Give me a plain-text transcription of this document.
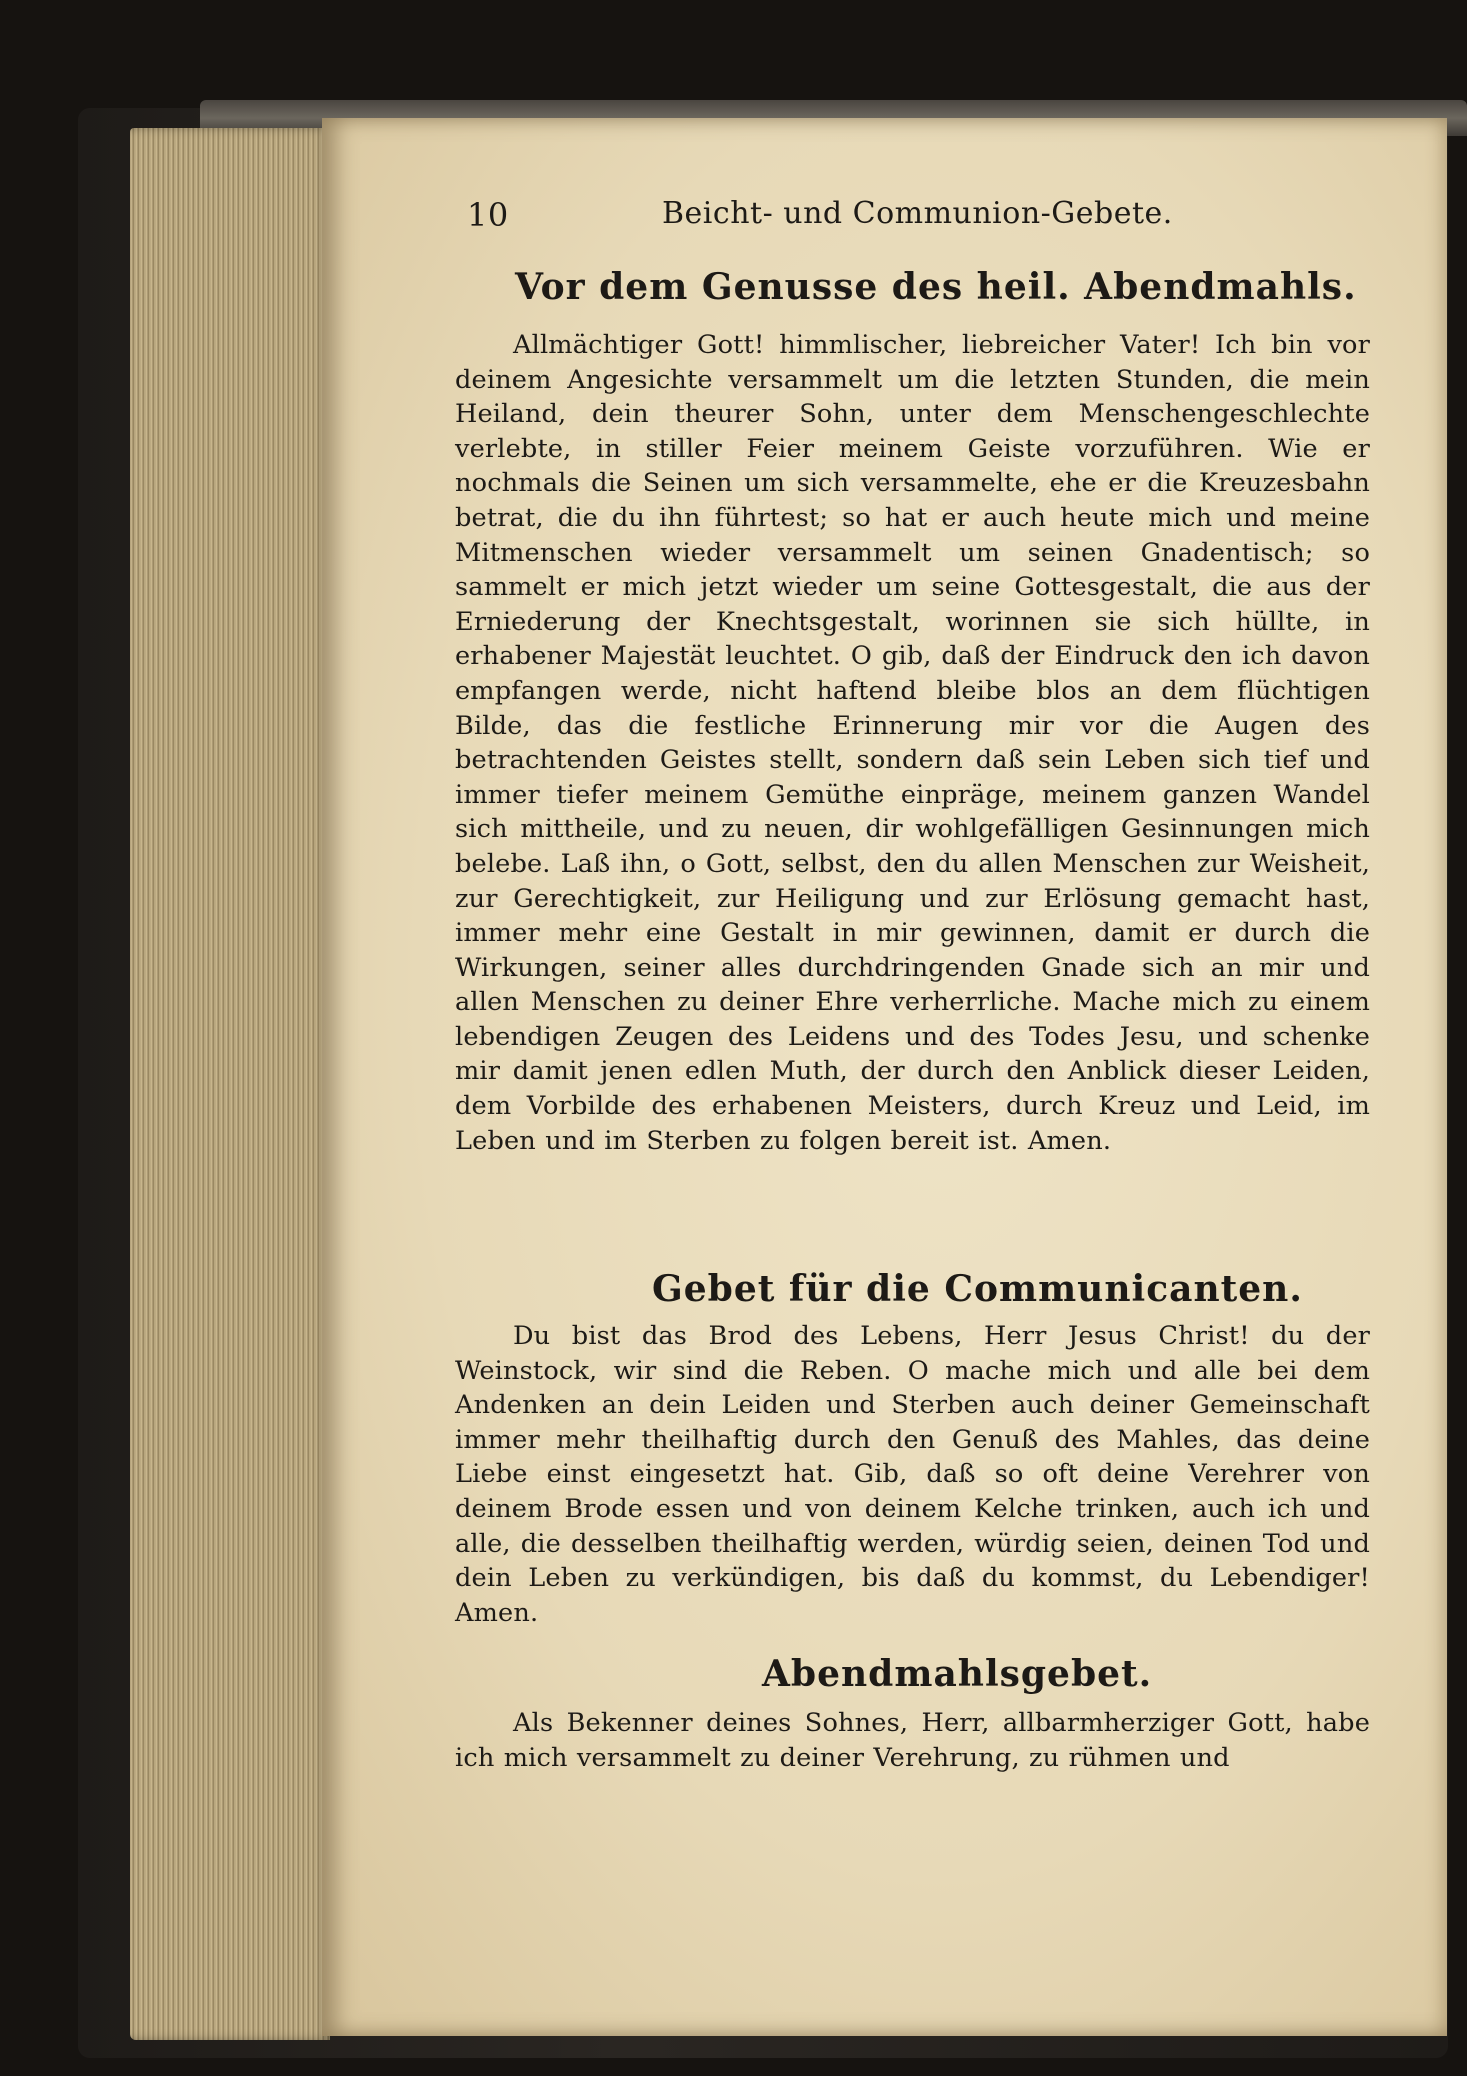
10	Beicht- und Communion-Gebete.
Vor dem Genusse des heil. Abendmahls.

Allmächtiger Gott! himmlischer, liebreicher Vater! Ich bin vor deinem Angesichte versammelt um die letzten Stunden, die mein Heiland, dein theurer Sohn, unter dem Menschengeschlechte verlebte, in stiller Feier meinem Geiste vorzuführen. Wie er nochmals die Seinen um sich versammelte, ehe er die Kreuzesbahn betrat, die du ihn führtest; so hat er auch heute mich und meine Mitmenschen wieder versammelt um seinen Gnadentisch; so sammelt er mich jetzt wieder um seine Gottesgestalt, die aus der Erniederung der Knechtsgestalt, worinnen sie sich hüllte, in erhabener Majestät leuchtet. O gib, daß der Eindruck den ich davon empfangen werde, nicht haftend bleibe blos an dem flüchtigen Bilde, das die festliche Erinnerung mir vor die Augen des betrachtenden Geistes stellt, sondern daß sein Leben sich tief und immer tiefer meinem Gemüthe einpräge, meinem ganzen Wandel sich mittheile, und zu neuen, dir wohlgefälligen Gesinnungen mich belebe. Laß ihn, o Gott, selbst, den du allen Menschen zur Weisheit, zur Gerechtigkeit, zur Heiligung und zur Erlösung gemacht hast, immer mehr eine Gestalt in mir gewinnen, damit er durch die Wirkungen, seiner alles durchdringenden Gnade sich an mir und allen Menschen zu deiner Ehre verherrliche. Mache mich zu einem lebendigen Zeugen des Leidens und des Todes Jesu, und schenke mir damit jenen edlen Muth, der durch den Anblick dieser Leiden, dem Vorbilde des erhabenen Meisters, durch Kreuz und Leid, im Leben und im Sterben zu folgen bereit ist. Amen.

Gebet für die Communicanten.

Du bist das Brod des Lebens, Herr Jesus Christ! du der Weinstock, wir sind die Reben. O mache mich und alle bei dem Andenken an dein Leiden und Sterben auch deiner Gemeinschaft immer mehr theilhaftig durch den Genuß des Mahles, das deine Liebe einst eingesetzt hat. Gib, daß so oft deine Verehrer von deinem Brode essen und von deinem Kelche trinken, auch ich und alle, die desselben theilhaftig werden, würdig seien, deinen Tod und dein Leben zu verkündigen, bis daß du kommst, du Lebendiger! Amen.

Abendmahlsgebet.

Als Bekenner deines Sohnes, Herr, allbarmherziger Gott, habe ich mich versammelt zu deiner Verehrung, zu rühmen und
